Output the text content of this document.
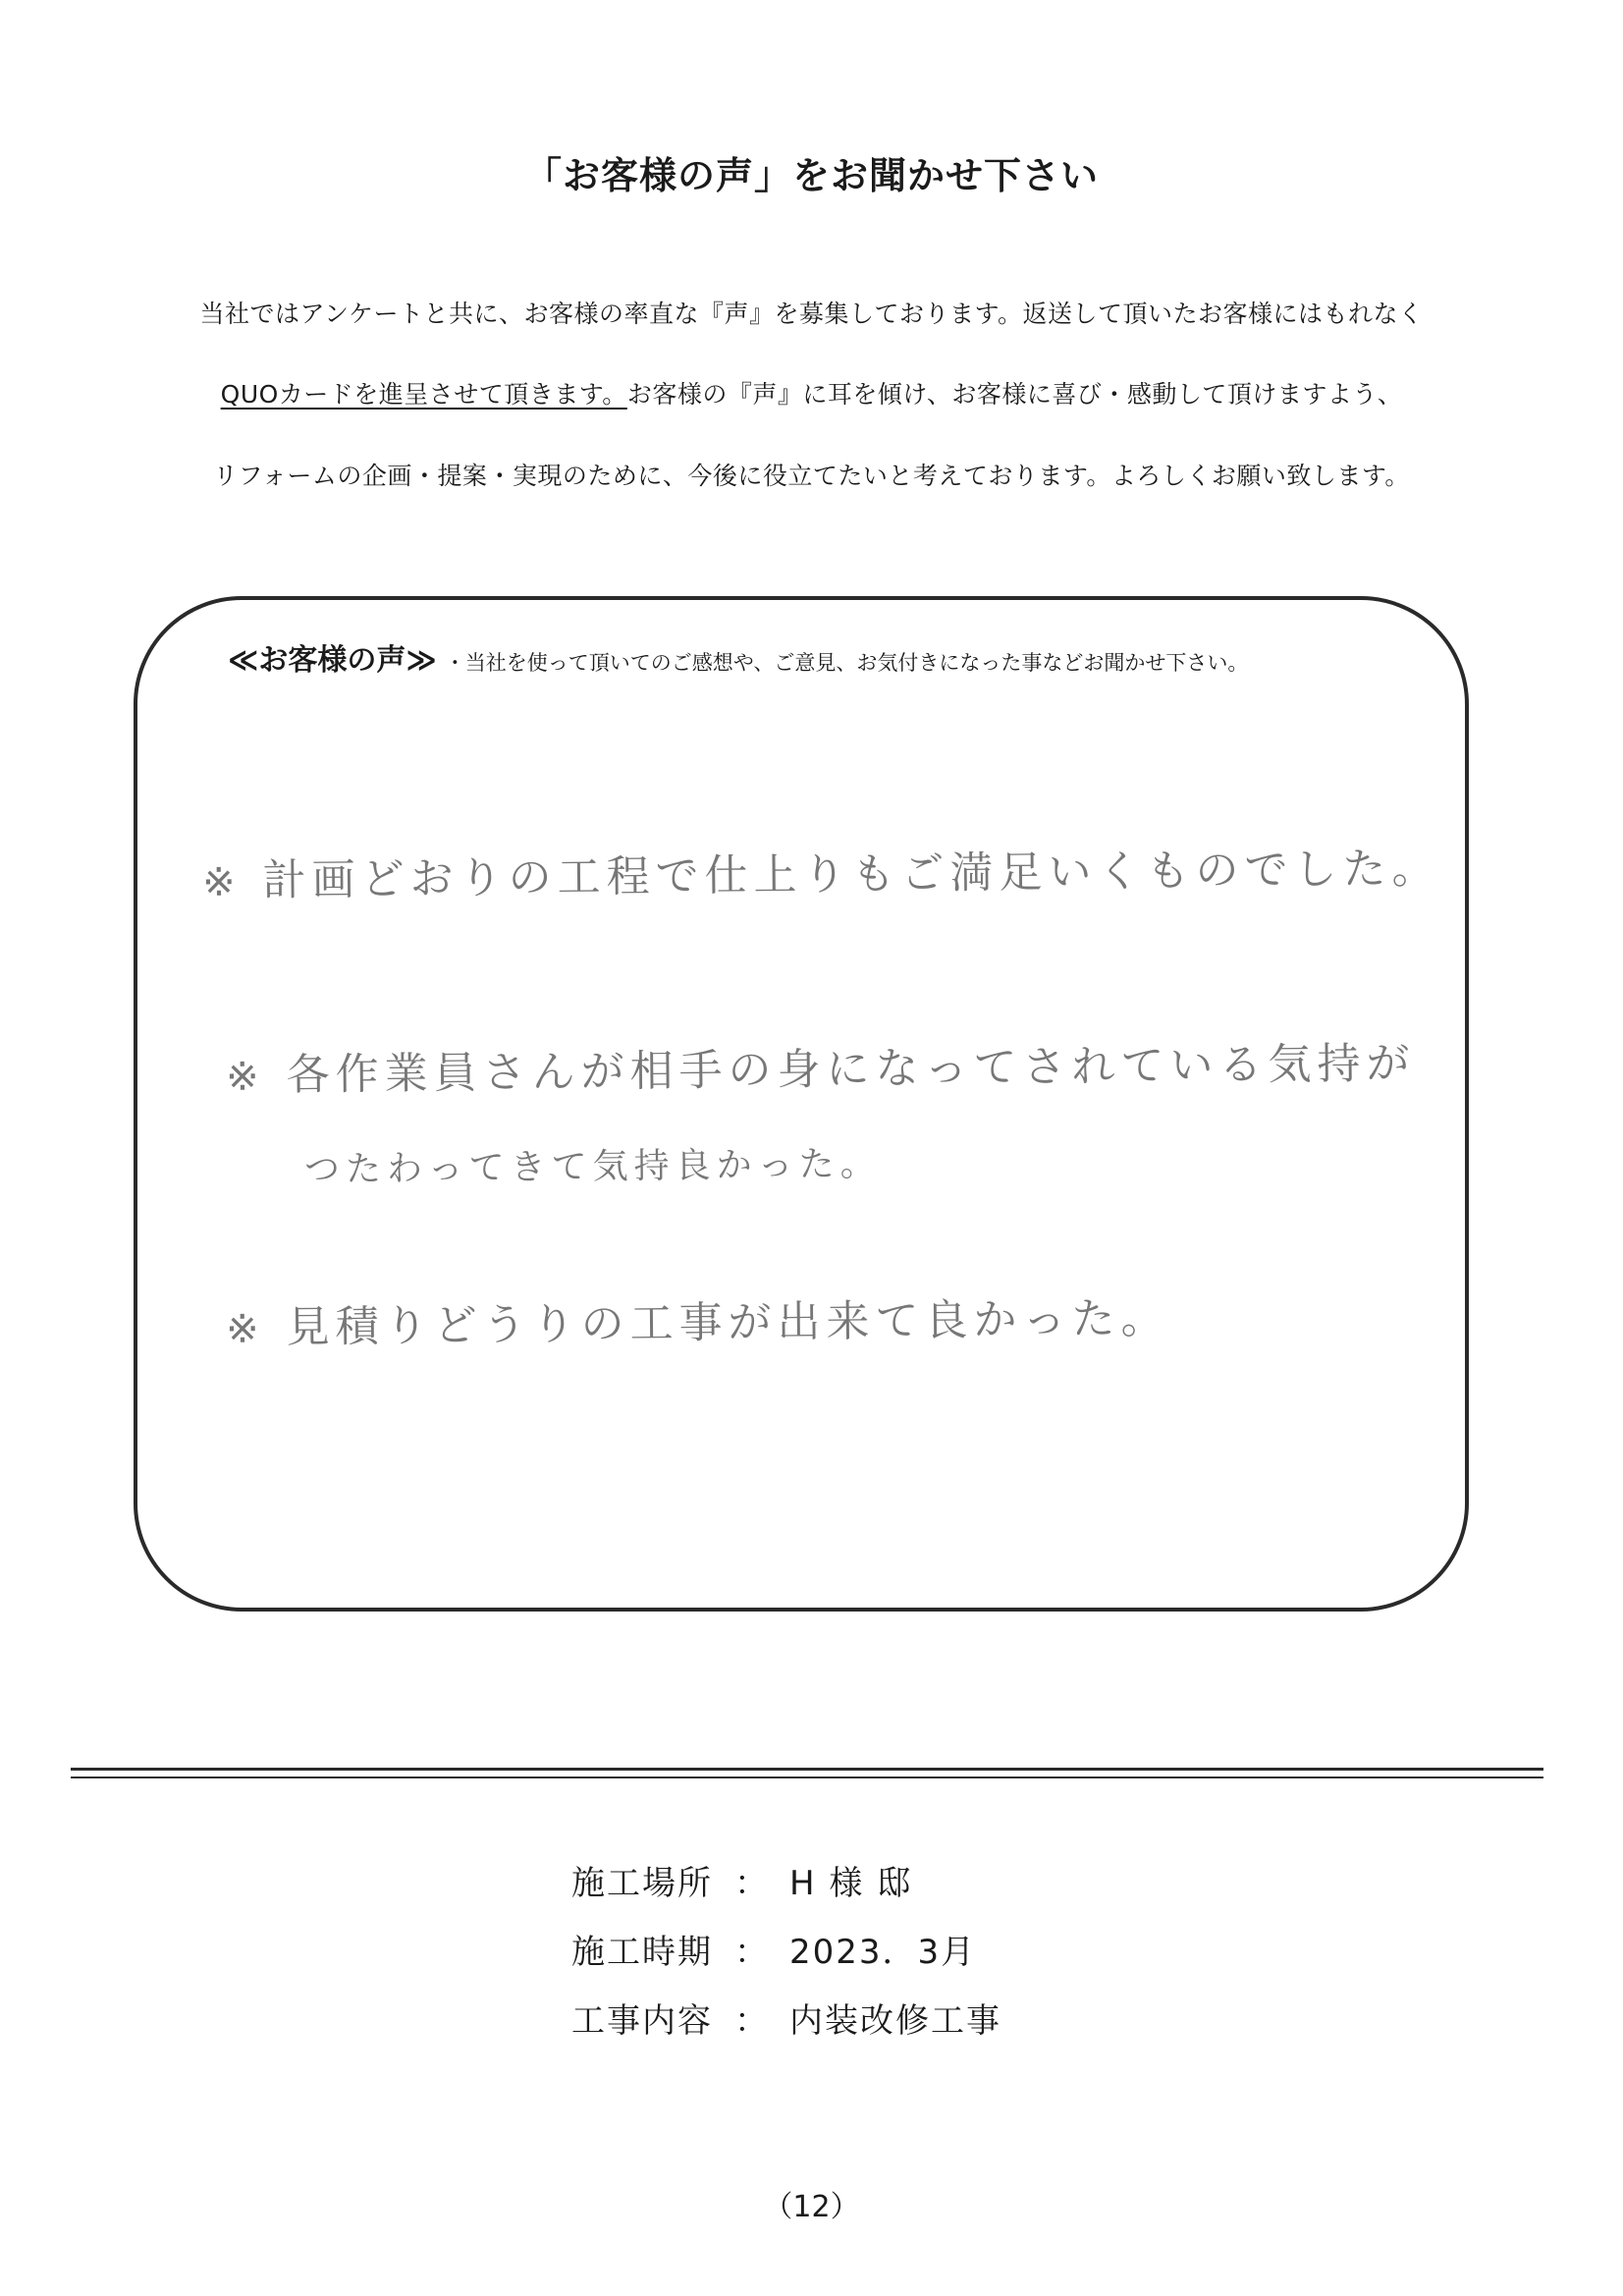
「お客様の声」をお聞かせ下さい

当社ではアンケートと共に、お客様の率直な『声』を募集しております。返送して頂いたお客様にはもれなく

QUOカードを進呈させて頂きます。お客様の『声』に耳を傾け、お客様に喜び・感動して頂けますよう、

リフォームの企画・提案・実現のために、今後に役立てたいと考えております。よろしくお願い致します。

≪お客様の声≫ ・当社を使って頂いてのご感想や、ご意見、お気付きになった事などお聞かせ下さい。
※ 計画どおりの工程で仕上りもご満足いくものでした。
※ 各作業員さんが相手の身になってされている気持が
つたわってきて気持良かった。
※ 見積りどうりの工事が出来て良かった。
施工場所 ： H 様 邸
施工時期 ： 2023．3月
工事内容 ： 内装改修工事
（12）
